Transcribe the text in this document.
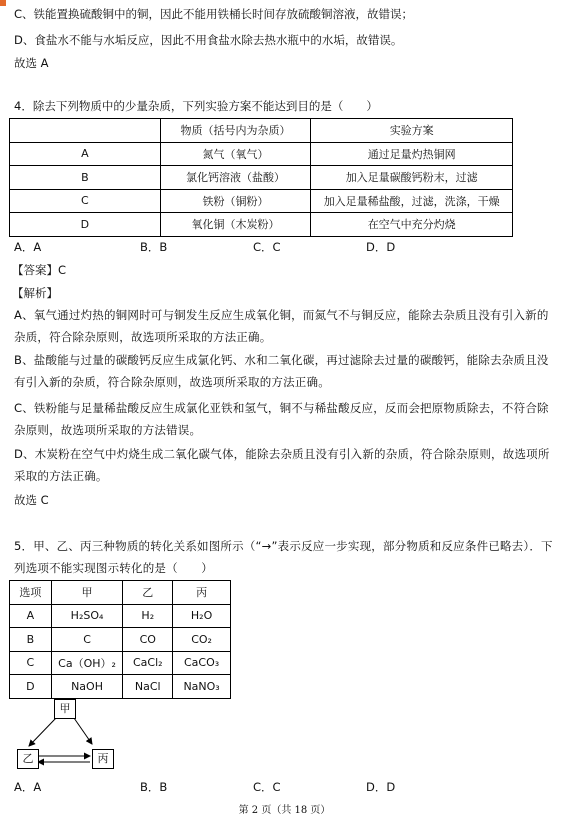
C、铁能置换硫酸铜中的铜，因此不能用铁桶长时间存放硫酸铜溶液，故错误；
D、食盐水不能与水垢反应，因此不用食盐水除去热水瓶中的水垢，故错误。
故选 A
4．除去下列物质中的少量杂质，下列实验方案不能达到目的是（　　）
	物质（括号内为杂质）	实验方案
A	氮气（氧气）	通过足量灼热铜网
B	氯化钙溶液（盐酸）	加入足量碳酸钙粉末，过滤
C	铁粉（铜粉）	加入足量稀盐酸，过滤，洗涤，干燥
D	氧化铜（木炭粉）	在空气中充分灼烧
A．A	B．B	C．C	D．D
【答案】C
【解析】
A、氧气通过灼热的铜网时可与铜发生反应生成氧化铜，而氮气不与铜反应，能除去杂质且没有引入新的杂质，符合除杂原则，故选项所采取的方法正确。
B、盐酸能与过量的碳酸钙反应生成氯化钙、水和二氧化碳，再过滤除去过量的碳酸钙，能除去杂质且没有引入新的杂质，符合除杂原则，故选项所采取的方法正确。
C、铁粉能与足量稀盐酸反应生成氯化亚铁和氢气，铜不与稀盐酸反应，反而会把原物质除去，不符合除杂原则，故选项所采取的方法错误。
D、木炭粉在空气中灼烧生成二氧化碳气体，能除去杂质且没有引入新的杂质，符合除杂原则，故选项所采取的方法正确。
故选 C
5．甲、乙、丙三种物质的转化关系如图所示（“→”表示反应一步实现，部分物质和反应条件已略去）．下列选项不能实现图示转化的是（　　）
选项	甲	乙	丙
A	H₂SO₄	H₂	H₂O
B	C	CO	CO₂
C	Ca（OH）₂	CaCl₂	CaCO₃
D	NaOH	NaCl	NaNO₃
甲
乙	丙
A．A	B．B	C．C	D．D
第 2 页（共 18 页）
